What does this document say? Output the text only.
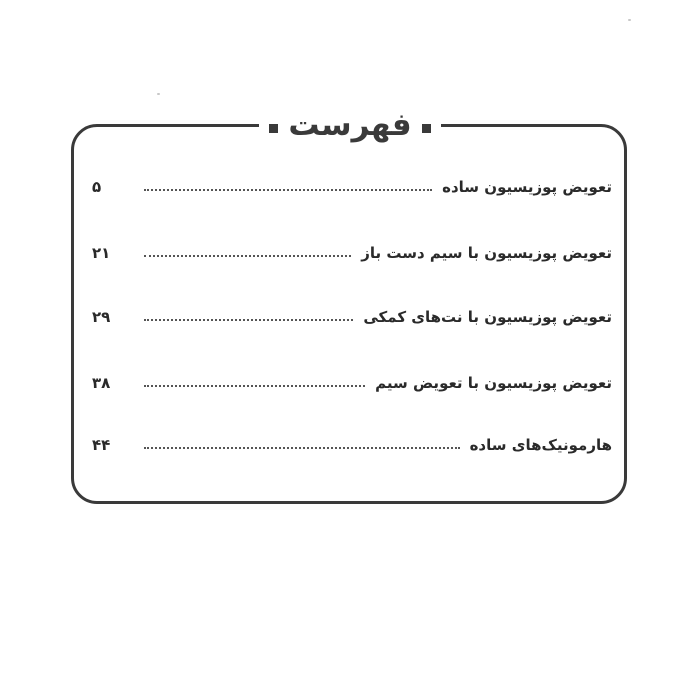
فهرست
تعویض پوزیسیون ساده
۵
تعویض پوزیسیون با سیم دست باز
۲۱
تعویض پوزیسیون با نت‌های کمکی
۲۹
تعویض پوزیسیون با تعویض سیم
۳۸
هارمونیک‌های ساده
۴۴
